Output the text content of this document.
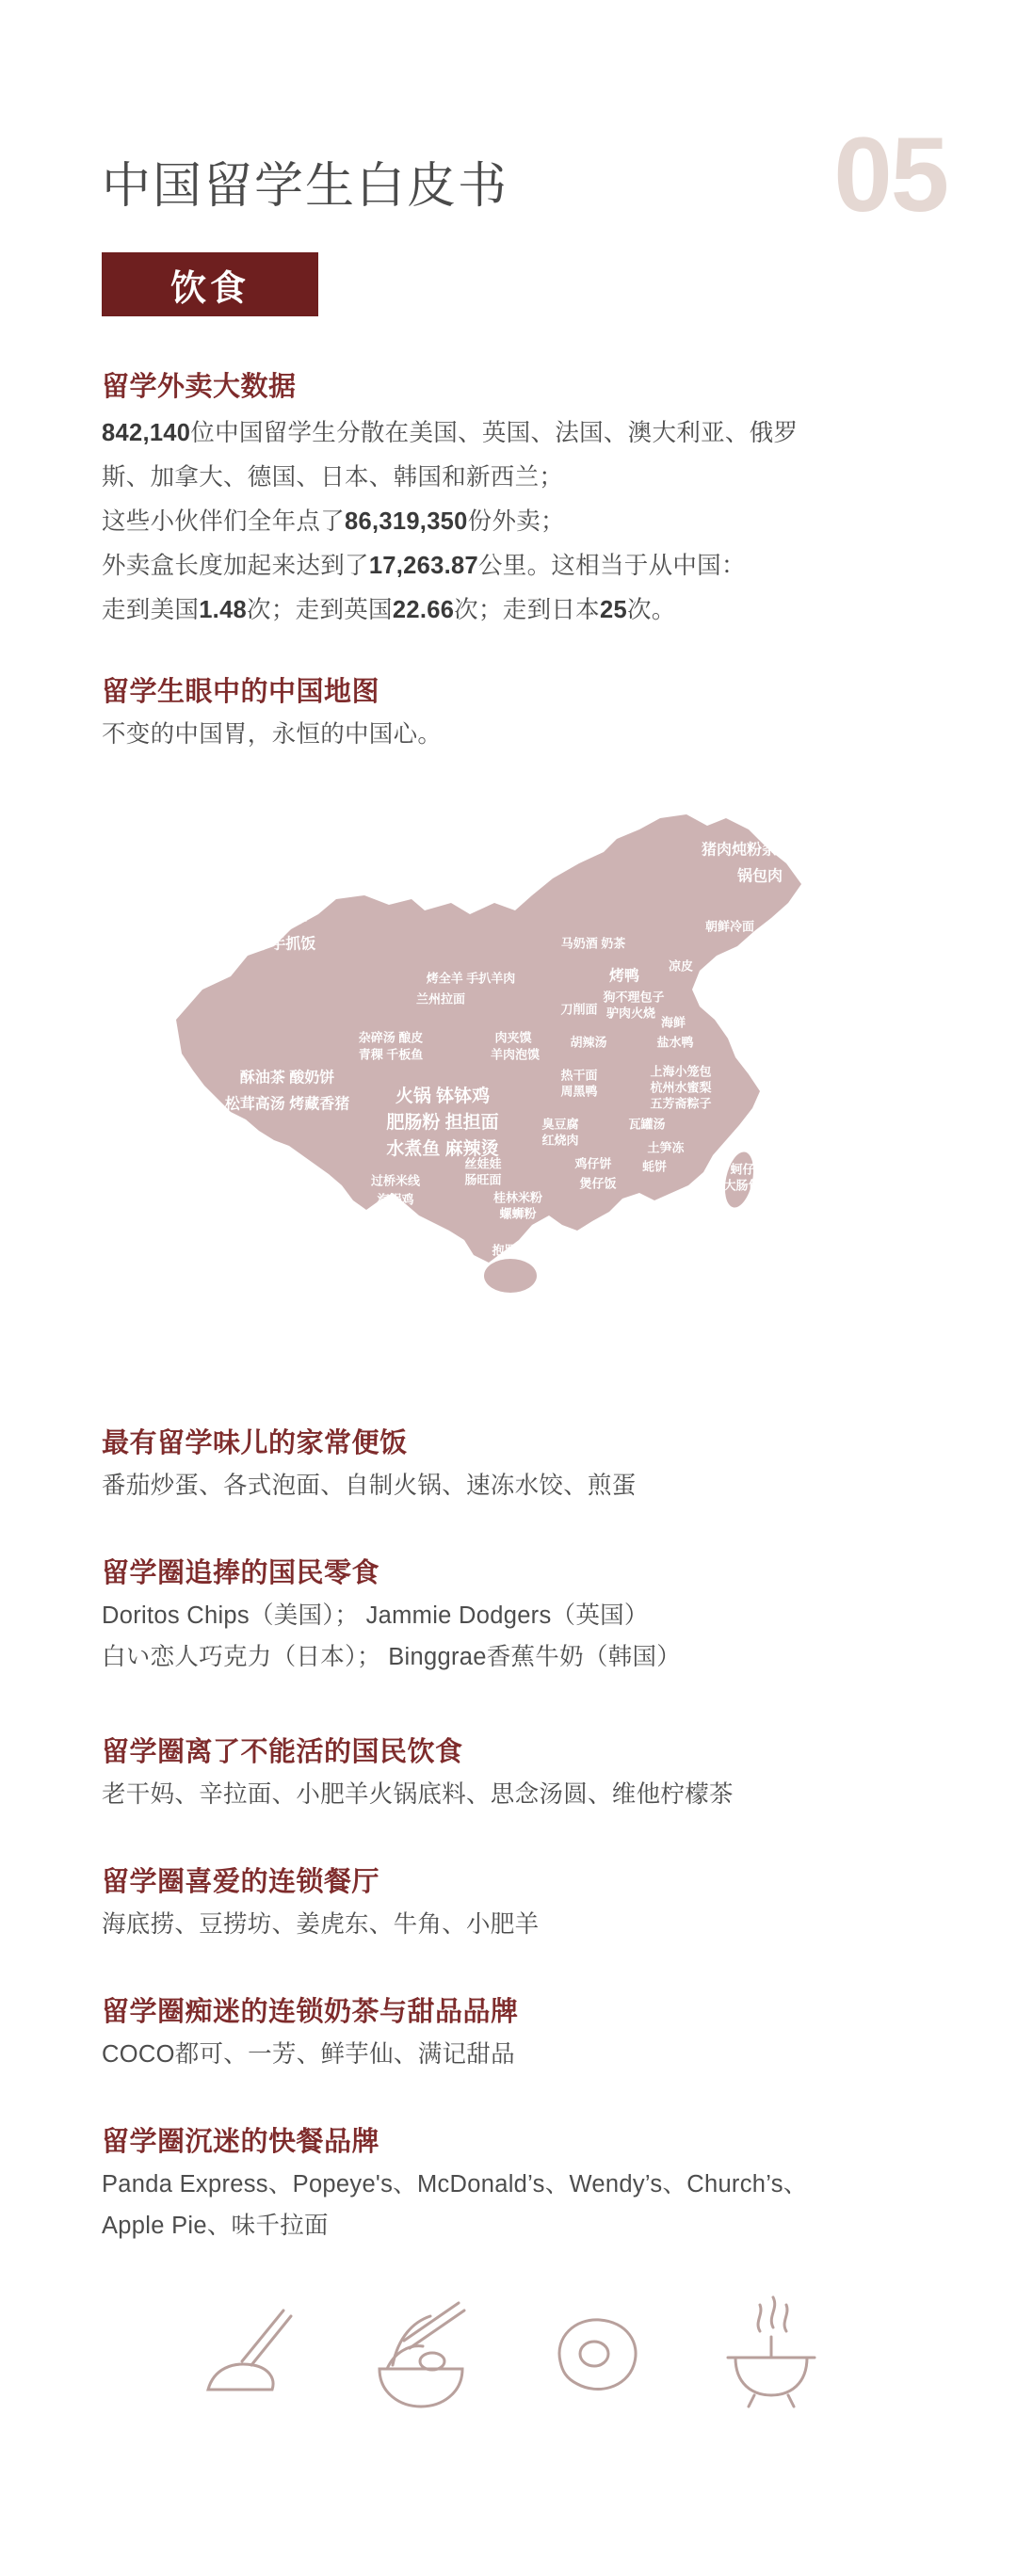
05
中国留学生白皮书
饮食
留学外卖大数据
842,140位中国留学生分散在美国、英国、法国、澳大利亚、俄罗
斯、加拿大、德国、日本、韩国和新西兰；
这些小伙伴们全年点了86,319,350份外卖；
外卖盒长度加起来达到了17,263.87公里。这相当于从中国：
走到美国1.48次；走到英国22.66次；走到日本25次。
留学生眼中的中国地图
不变的中国胃，永恒的中国心。
切糕 羊肉串
大盘鸡 手抓饭
猪肉炖粉条
锅包肉
朝鲜冷面
马奶酒 奶茶
凉皮
烤全羊 手扒羊肉	烤鸭
兰州拉面	狗不理包子
驴肉火烧
刀削面
海鲜
杂碎汤 酿皮
青稞 千板鱼
肉夹馍
羊肉泡馍
胡辣汤	盐水鸭
酥油茶 酸奶饼
松茸高汤 烤藏香猪
热干面
周黑鸭
上海小笼包
杭州水蜜梨
五芳斋粽子
火锅 钵钵鸡
肥肠粉 担担面
水煮鱼 麻辣烫
臭豆腐
红烧肉
瓦罐汤
土笋冻
鸡仔饼 蚝饼
丝娃娃
肠旺面
过桥米线
汽锅鸡	桂林米粉
螺蛳粉
煲仔饭
蚵仔煎
大肠包小肠
抱罗粉
最有留学味儿的家常便饭
番茄炒蛋、各式泡面、自制火锅、速冻水饺、煎蛋
留学圈追捧的国民零食
Doritos Chips（美国）； Jammie Dodgers（英国）
白い恋人巧克力（日本）； Binggrae香蕉牛奶（韩国）
留学圈离了不能活的国民饮食
老干妈、辛拉面、小肥羊火锅底料、思念汤圆、维他柠檬茶
留学圈喜爱的连锁餐厅
海底捞、豆捞坊、姜虎东、牛角、小肥羊
留学圈痴迷的连锁奶茶与甜品品牌
COCO都可、一芳、鲜芋仙、满记甜品
留学圈沉迷的快餐品牌
Panda Express、Popeye's、McDonald’s、Wendy’s、Church’s、
Apple Pie、味千拉面
